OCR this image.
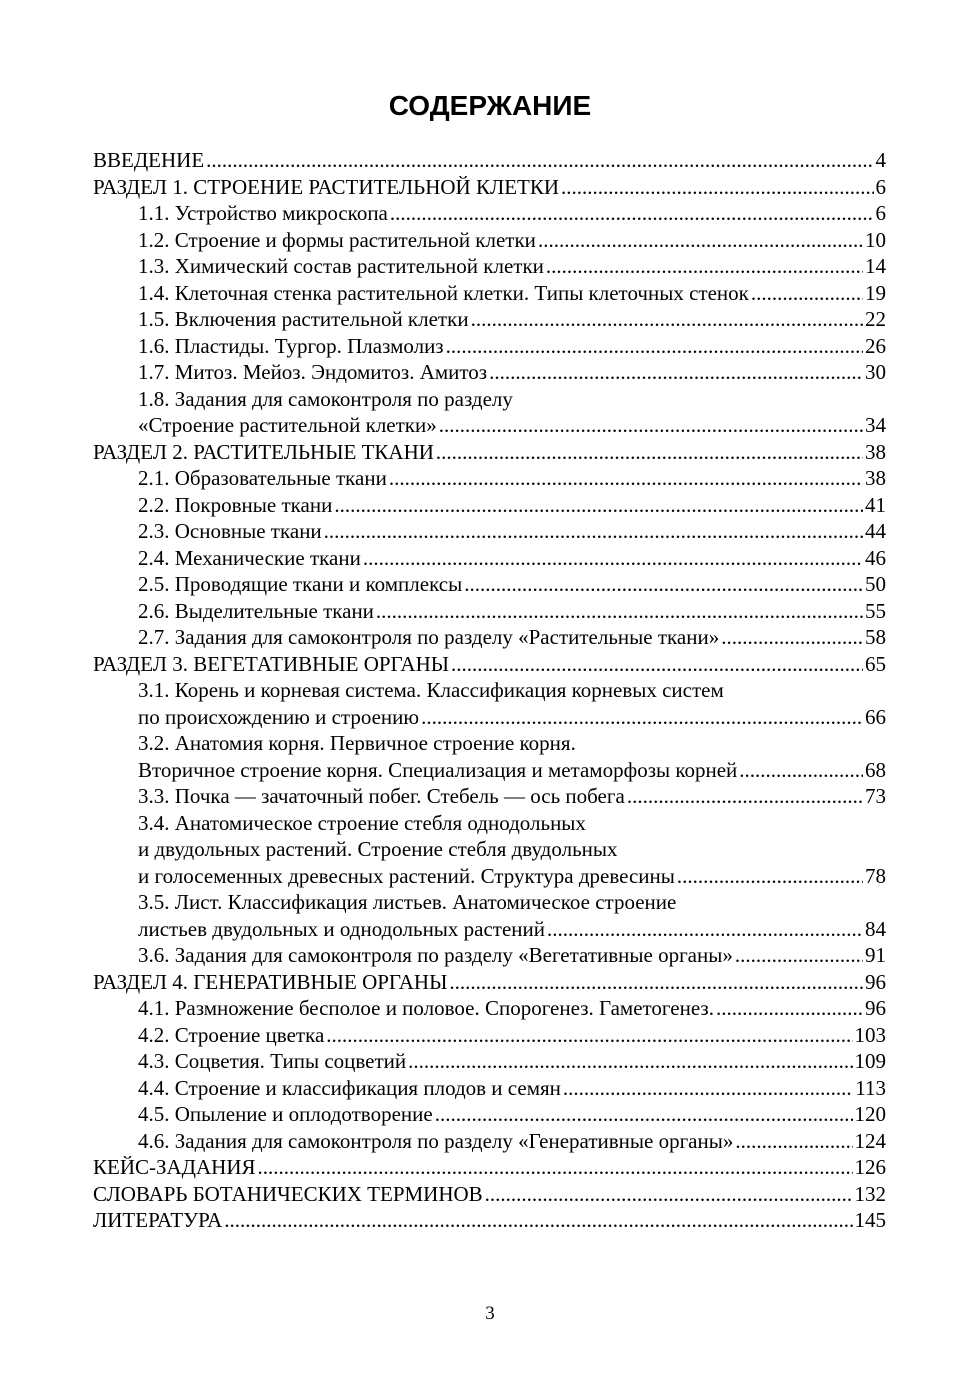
СОДЕРЖАНИЕ
ВВЕДЕНИЕ .....	4
РАЗДЕЛ 1. СТРОЕНИЕ РАСТИТЕЛЬНОЙ КЛЕТКИ .....	6
1.1. Устройство микроскопа .....	6
1.2. Строение и формы растительной клетки .....	10
1.3. Химический состав растительной клетки .....	14
1.4. Клеточная стенка растительной клетки. Типы клеточных стенок .....	19
1.5. Включения растительной клетки .....	22
1.6. Пластиды. Тургор. Плазмолиз .....	26
1.7. Митоз. Мейоз. Эндомитоз. Амитоз .....	30
1.8. Задания для самоконтроля по разделу
«Строение растительной клетки» .....	34
РАЗДЕЛ 2. РАСТИТЕЛЬНЫЕ ТКАНИ .....	38
2.1. Образовательные ткани .....	38
2.2. Покровные ткани .....	41
2.3. Основные ткани .....	44
2.4. Механические ткани .....	46
2.5. Проводящие ткани и комплексы .....	50
2.6. Выделительные ткани .....	55
2.7. Задания для самоконтроля по разделу «Растительные ткани» .....	58
РАЗДЕЛ 3. ВЕГЕТАТИВНЫЕ ОРГАНЫ .....	65
3.1. Корень и корневая система. Классификация корневых систем
по происхождению и строению .....	66
3.2. Анатомия корня. Первичное строение корня.
Вторичное строение корня. Специализация и метаморфозы корней .....	68
3.3. Почка — зачаточный побег. Стебель — ось побега .....	73
3.4. Анатомическое строение стебля однодольных
и двудольных растений. Строение стебля двудольных
и голосеменных древесных растений. Структура древесины .....	78
3.5. Лист. Классификация листьев. Анатомическое строение
листьев двудольных и однодольных растений .....	84
3.6. Задания для самоконтроля по разделу «Вегетативные органы» .....	91
РАЗДЕЛ 4. ГЕНЕРАТИВНЫЕ ОРГАНЫ .....	96
4.1. Размножение бесполое и половое. Спорогенез. Гаметогенез. .....	96
4.2. Строение цветка .....	103
4.3. Соцветия. Типы соцветий .....	109
4.4. Строение и классификация плодов и семян .....	113
4.5. Опыление и оплодотворение .....	120
4.6. Задания для самоконтроля по разделу «Генеративные органы» .....	124
КЕЙС-ЗАДАНИЯ .....	126
СЛОВАРЬ БОТАНИЧЕСКИХ ТЕРМИНОВ .....	132
ЛИТЕРАТУРА .....	145
3
